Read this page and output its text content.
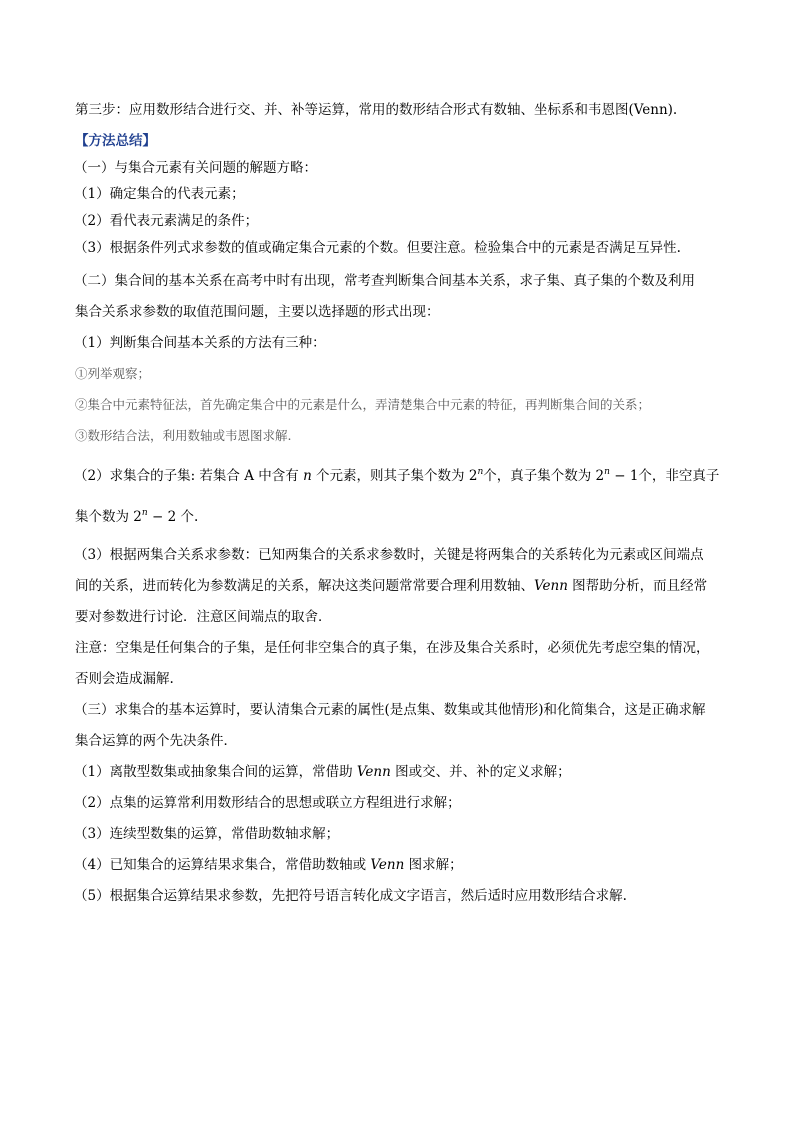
第三步：应用数形结合进行交、并、补等运算，常用的数形结合形式有数轴、坐标系和韦恩图(Venn).
【方法总结】
（一）与集合元素有关问题的解题方略：
（1）确定集合的代表元素；
（2）看代表元素满足的条件；
（3）根据条件列式求参数的值或确定集合元素的个数。但要注意。检验集合中的元素是否满足互异性.
（二）集合间的基本关系在高考中时有出现，常考查判断集合间基本关系，求子集、真子集的个数及利用
集合关系求参数的取值范围问题，主要以选择题的形式出现：
（1）判断集合间基本关系的方法有三种：
①列举观察；
②集合中元素特征法，首先确定集合中的元素是什么，弄清楚集合中元素的特征，再判断集合间的关系；
③数形结合法，利用数轴或韦恩图求解.
（2）求集合的子集: 若集合 A 中含有 n 个元素，则其子集个数为 2$^n$个，真子集个数为 $2^n - 1$个，非空真子
集个数为 $2^n - 2$ 个.
（3）根据两集合关系求参数：已知两集合的关系求参数时，关键是将两集合的关系转化为元素或区间端点
间的关系，进而转化为参数满足的关系，解决这类问题常常要合理利用数轴、Venn 图帮助分析，而且经常
要对参数进行讨论．注意区间端点的取舍．
注意：空集是任何集合的子集，是任何非空集合的真子集，在涉及集合关系时，必须优先考虑空集的情况，
否则会造成漏解.
（三）求集合的基本运算时，要认清集合元素的属性(是点集、数集或其他情形)和化简集合，这是正确求解
集合运算的两个先决条件．
（1）离散型数集或抽象集合间的运算，常借助 Venn 图或交、并、补的定义求解；
（2）点集的运算常利用数形结合的思想或联立方程组进行求解；
（3）连续型数集的运算，常借助数轴求解；
（4）已知集合的运算结果求集合，常借助数轴或 Venn 图求解；
（5）根据集合运算结果求参数，先把符号语言转化成文字语言，然后适时应用数形结合求解.
